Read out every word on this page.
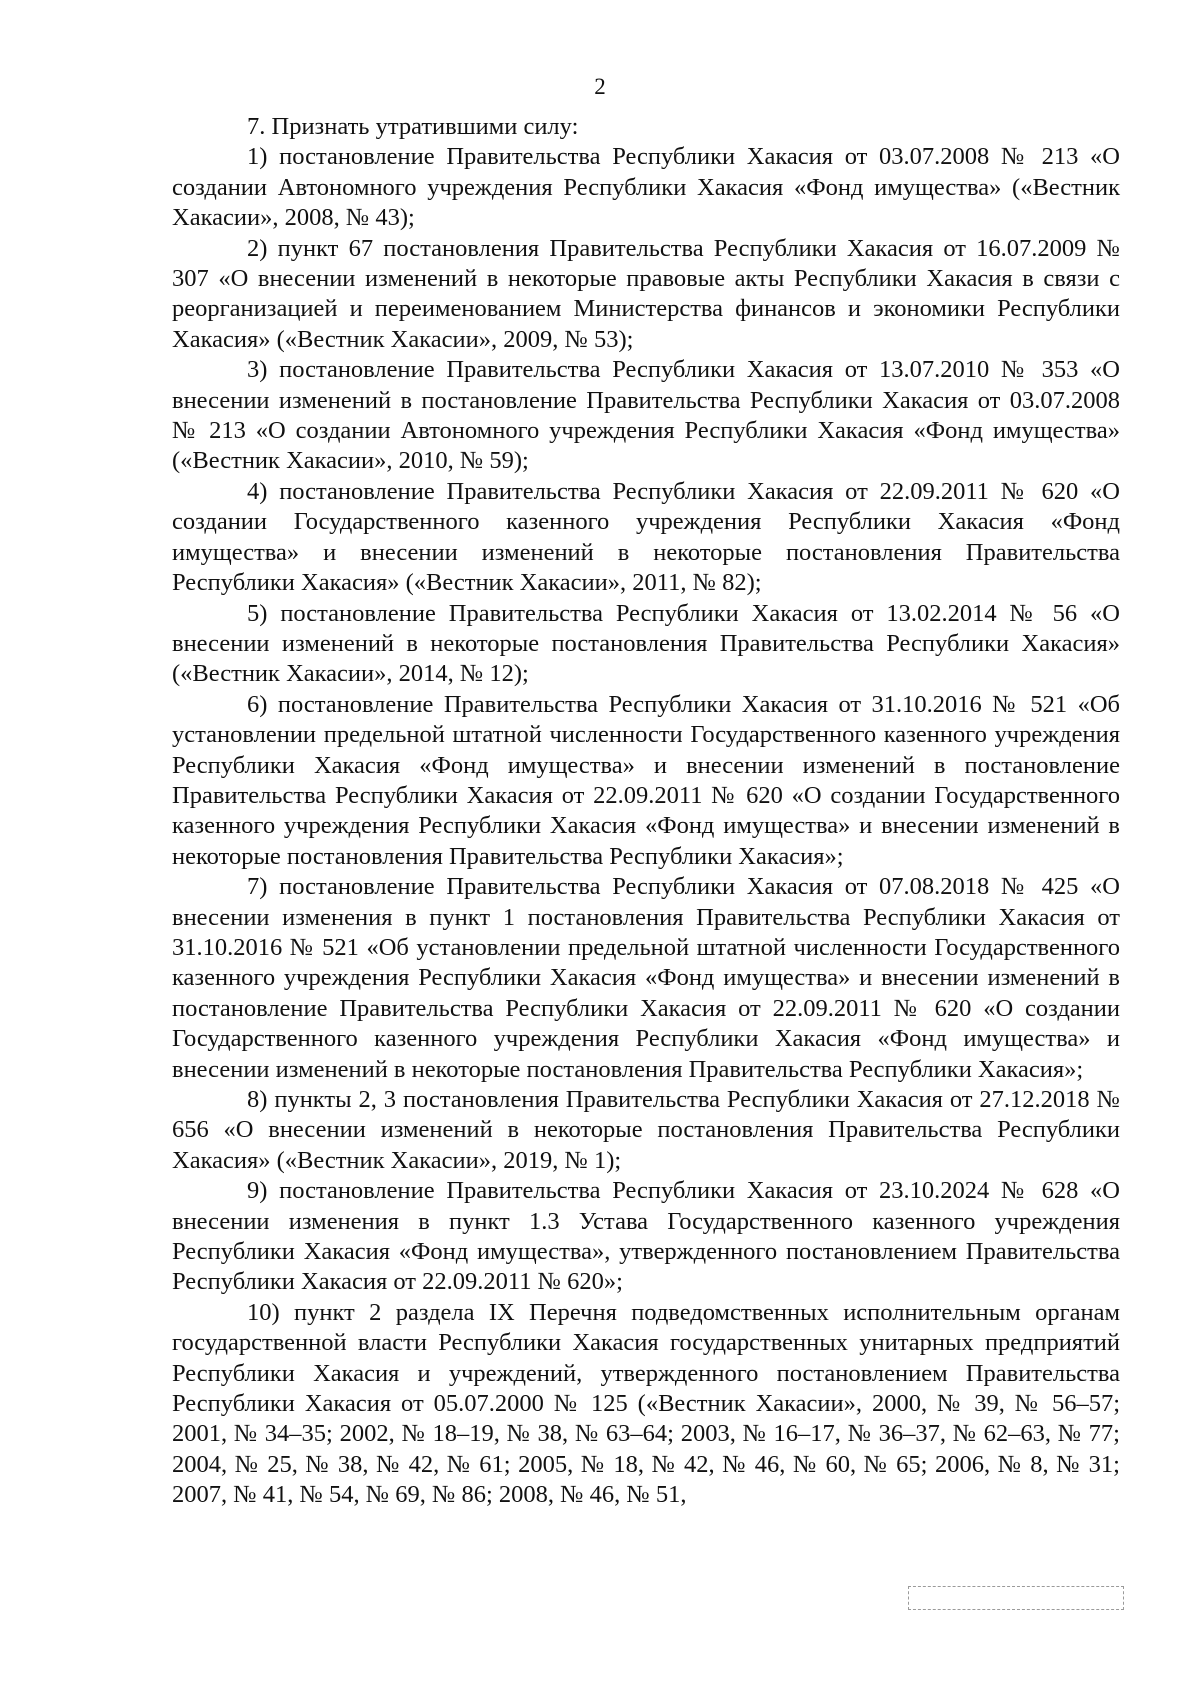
2

7. Признать утратившими силу:

1) постановление Правительства Республики Хакасия от 03.07.2008 № 213 «О создании Автономного учреждения Республики Хакасия «Фонд имущества» («Вестник Хакасии», 2008, № 43);

2) пункт 67 постановления Правительства Республики Хакасия от 16.07.2009 № 307 «О внесении изменений в некоторые правовые акты Республики Хакасия в связи с реорганизацией и переименованием Министерства финансов и экономики Республики Хакасия» («Вестник Хакасии», 2009, № 53);

3) постановление Правительства Республики Хакасия от 13.07.2010 № 353 «О внесении изменений в постановление Правительства Республики Хакасия от 03.07.2008 № 213 «О создании Автономного учреждения Республики Хакасия «Фонд имущества» («Вестник Хакасии», 2010, № 59);

4) постановление Правительства Республики Хакасия от 22.09.2011 № 620 «О создании Государственного казенного учреждения Республики Хакасия «Фонд имущества» и внесении изменений в некоторые постановления Правительства Республики Хакасия» («Вестник Хакасии», 2011, № 82);

5) постановление Правительства Республики Хакасия от 13.02.2014 № 56 «О внесении изменений в некоторые постановления Правительства Республики Хакасия» («Вестник Хакасии», 2014, № 12);

6) постановление Правительства Республики Хакасия от 31.10.2016 № 521 «Об установлении предельной штатной численности Государственного казенного учреждения Республики Хакасия «Фонд имущества» и внесении изменений в постановление Правительства Республики Хакасия от 22.09.2011 № 620 «О создании Государственного казенного учреждения Республики Хакасия «Фонд имущества» и внесении изменений в некоторые постановления Правительства Республики Хакасия»;

7) постановление Правительства Республики Хакасия от 07.08.2018 № 425 «О внесении изменения в пункт 1 постановления Правительства Республики Хакасия от 31.10.2016 № 521 «Об установлении предельной штатной численности Государственного казенного учреждения Республики Хакасия «Фонд имущества» и внесении изменений в постановление Правительства Республики Хакасия от 22.09.2011 № 620 «О создании Государственного казенного учреждения Республики Хакасия «Фонд имущества» и внесении изменений в некоторые постановления Правительства Республики Хакасия»;

8) пункты 2, 3 постановления Правительства Республики Хакасия от 27.12.2018 № 656 «О внесении изменений в некоторые постановления Правительства Республики Хакасия» («Вестник Хакасии», 2019, № 1);

9) постановление Правительства Республики Хакасия от 23.10.2024 № 628 «О внесении изменения в пункт 1.3 Устава Государственного казенного учреждения Республики Хакасия «Фонд имущества», утвержденного постановлением Правительства Республики Хакасия от 22.09.2011 № 620»;

10) пункт 2 раздела IX Перечня подведомственных исполнительным органам государственной власти Республики Хакасия государственных унитарных предприятий Республики Хакасия и учреждений, утвержденного постановлением Правительства Республики Хакасия от 05.07.2000 № 125 («Вестник Хакасии», 2000, № 39, № 56–57; 2001, № 34–35; 2002, № 18–19, № 38, № 63–64; 2003, № 16–17, № 36–37, № 62–63, № 77; 2004, № 25, № 38, № 42, № 61; 2005, № 18, № 42, № 46, № 60, № 65; 2006, № 8, № 31; 2007, № 41, № 54, № 69, № 86; 2008, № 46, № 51,
